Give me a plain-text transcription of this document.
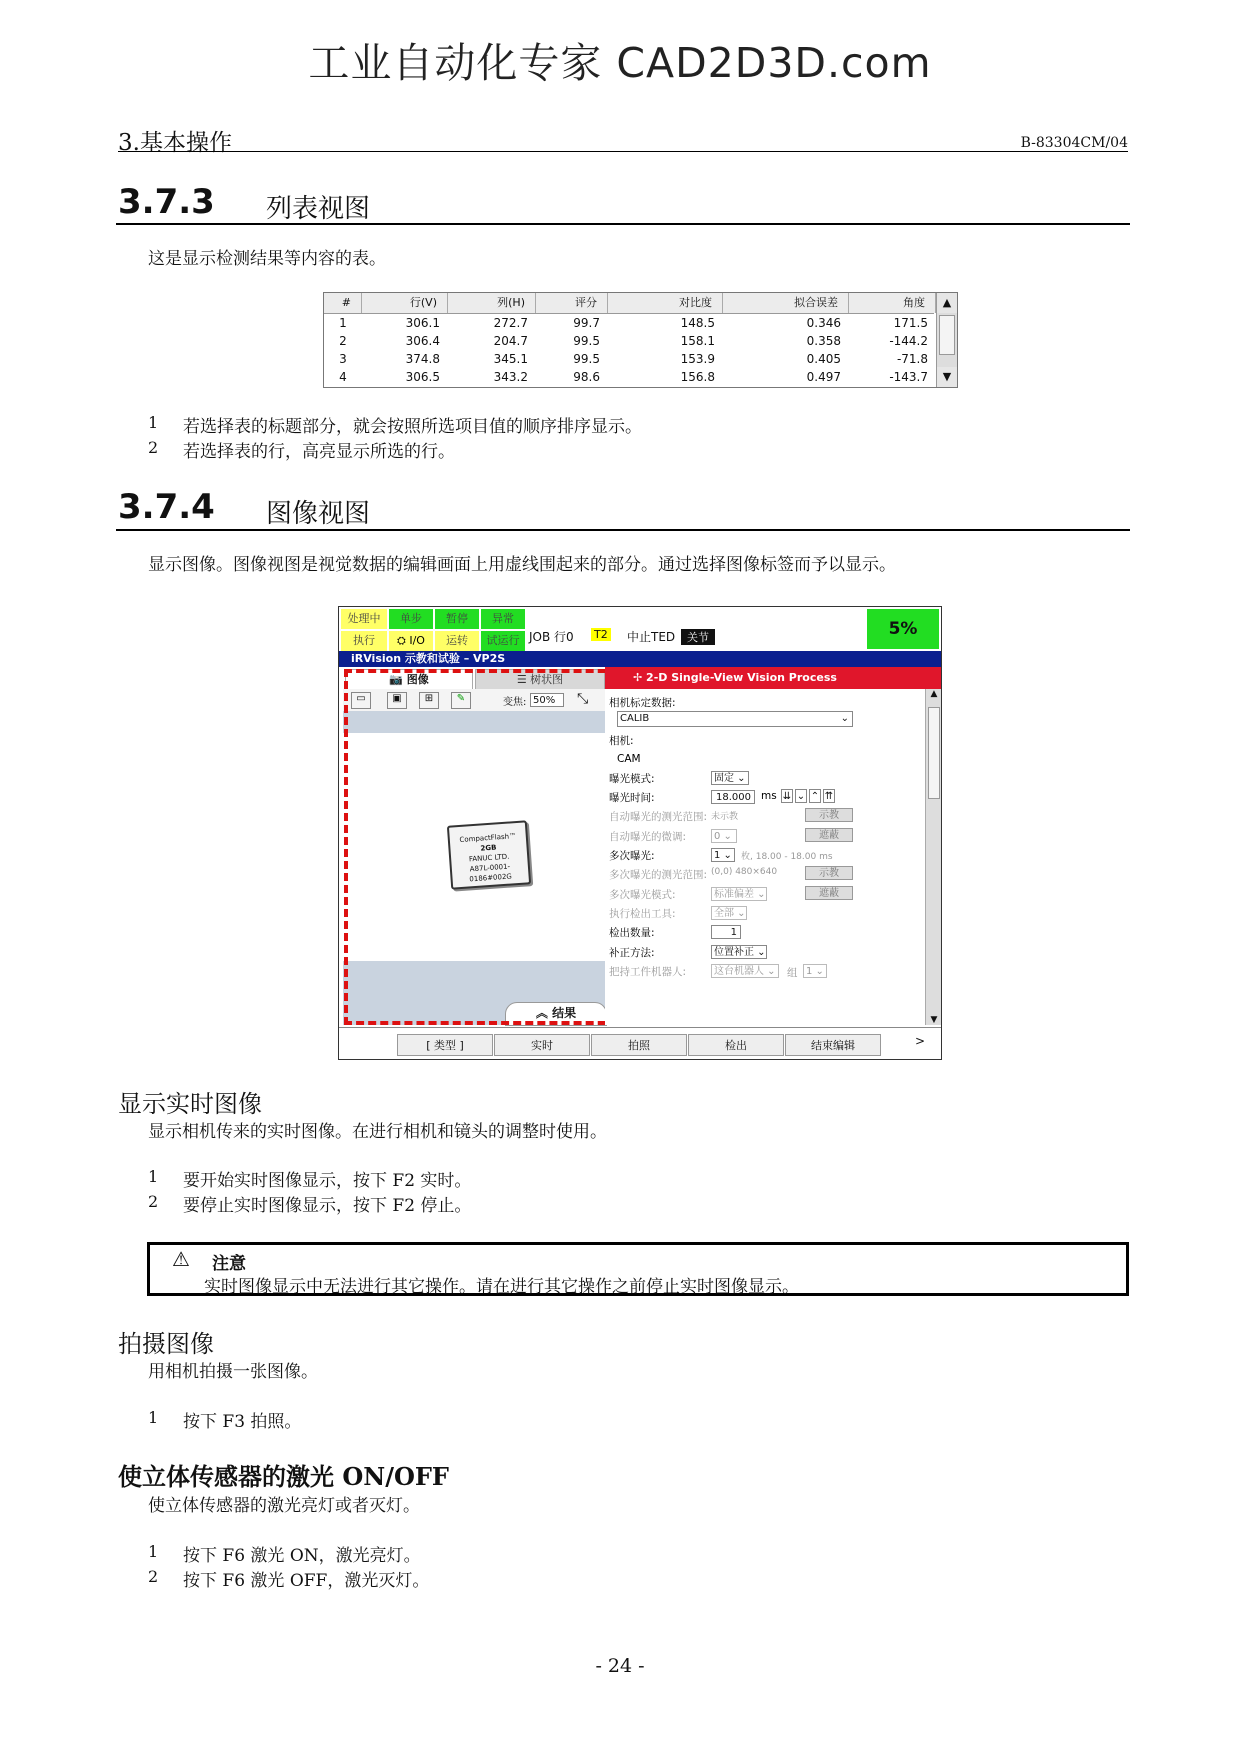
工业自动化专家 CAD2D3D.com
3.基本操作	B-83304CM/04
3.7.3 列表视图
这是显示检测结果等内容的表。
#	行(V)	列(H)	评分	对比度	拟合误差	角度
1	306.1	272.7	99.7	148.5	0.346	171.5
2	306.4	204.7	99.5	158.1	0.358	-144.2
3	374.8	345.1	99.5	153.9	0.405	-71.8
4	306.5	343.2	98.6	156.8	0.497	-143.7
▲
▼
1 若选择表的标题部分，就会按照所选项目值的顺序排序显示。
2 若选择表的行，高亮显示所选的行。
3.7.4 图像视图
显示图像。图像视图是视觉数据的编辑画面上用虚线围起来的部分。通过选择图像标签而予以显示。
处理中	单步	暂停	异常
执行	⛭ I/O	运转	试运行 JOB 行0 T2 中止TED	关节	5%
iRVision 示教和试验 – VP2S
📷 图像	☰ 树状图
▭	▣	⊞	✎	变焦: 50%	⤡
CompactFlash™
2GB
FANUC LTD.
A87L-0001-0186#002G
︽ 结果
✢ 2-D Single-View Vision Process
相机标定数据:
CALIB	⌄
相机:
CAM
曝光模式:	固定 ⌄
曝光时间:	18.000 ms ⇊ ⌄ ⌃ ⇈
自动曝光的测光范围: 未示教	示教
自动曝光的微调:	0 ⌄	遮蔽
多次曝光:	1 ⌄	枚, 18.00 - 18.00 ms
多次曝光的测光范围: (0,0) 480×640	示教
多次曝光模式:	标准偏差 ⌄	遮蔽
执行检出工具:	全部 ⌄
检出数量:	1
补正方法:	位置补正 ⌄
把持工件机器人:	这台机器人 ⌄	组 1 ⌄
▲
▼
[ 类型 ]	实时	拍照	检出	结束编辑	>
显示实时图像
显示相机传来的实时图像。在进行相机和镜头的调整时使用。
1 要开始实时图像显示，按下 F2 实时。
2 要停止实时图像显示，按下 F2 停止。
⚠ 注意
实时图像显示中无法进行其它操作。请在进行其它操作之前停止实时图像显示。
拍摄图像
用相机拍摄一张图像。
1 按下 F3 拍照。
使立体传感器的激光 ON/OFF
使立体传感器的激光亮灯或者灭灯。
1 按下 F6 激光 ON，激光亮灯。
2 按下 F6 激光 OFF，激光灭灯。
- 24 -
